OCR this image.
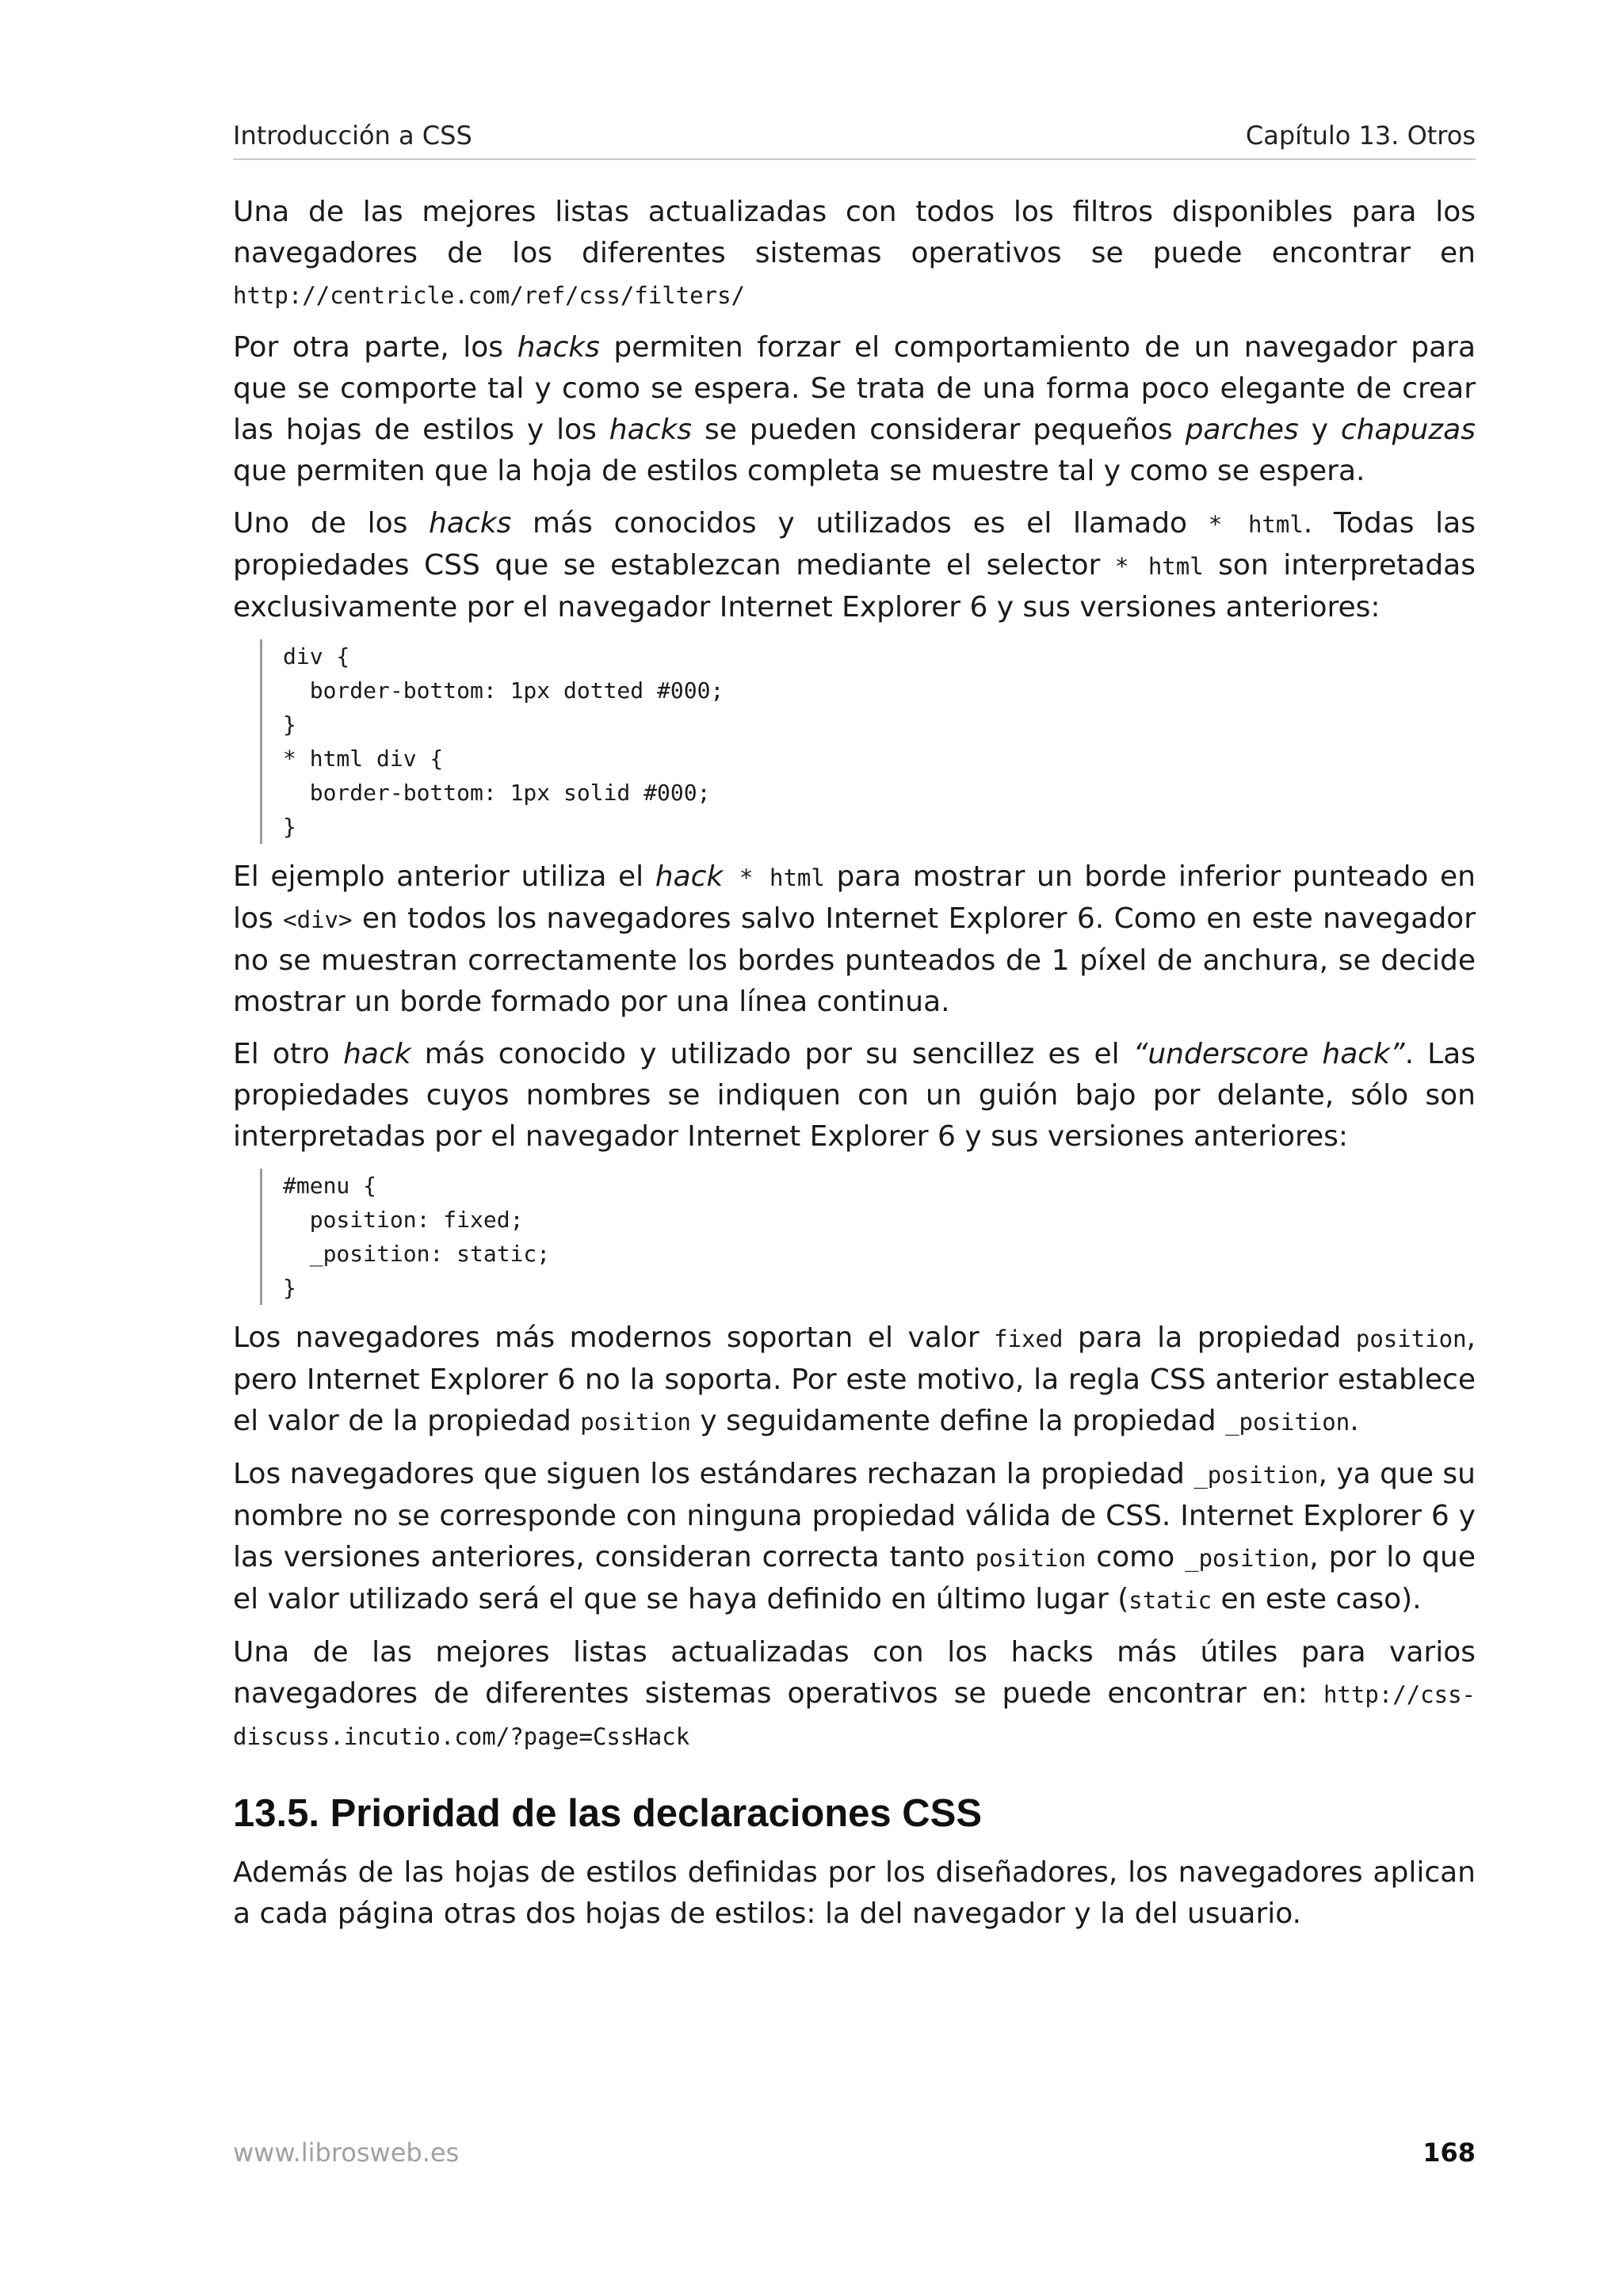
Introducción a CSS	Capítulo 13. Otros

Una de las mejores listas actualizadas con todos los filtros disponibles para los navegadores de los diferentes sistemas operativos se puede encontrar en http://centricle.com/ref/css/filters/

Por otra parte, los hacks permiten forzar el comportamiento de un navegador para que se comporte tal y como se espera. Se trata de una forma poco elegante de crear las hojas de estilos y los hacks se pueden considerar pequeños parches y chapuzas que permiten que la hoja de estilos completa se muestre tal y como se espera.

Uno de los hacks más conocidos y utilizados es el llamado * html. Todas las propiedades CSS que se establezcan mediante el selector * html son interpretadas exclusivamente por el navegador Internet Explorer 6 y sus versiones anteriores:

div {
border-bottom: 1px dotted #000;
}
* html div {
border-bottom: 1px solid #000;
}

El ejemplo anterior utiliza el hack * html para mostrar un borde inferior punteado en los <div> en todos los navegadores salvo Internet Explorer 6. Como en este navegador no se muestran correctamente los bordes punteados de 1 píxel de anchura, se decide mostrar un borde formado por una línea continua.

El otro hack más conocido y utilizado por su sencillez es el “underscore hack”. Las propiedades cuyos nombres se indiquen con un guión bajo por delante, sólo son interpretadas por el navegador Internet Explorer 6 y sus versiones anteriores:

#menu {
position: fixed;
_position: static;
}

Los navegadores más modernos soportan el valor fixed para la propiedad position, pero Internet Explorer 6 no la soporta. Por este motivo, la regla CSS anterior establece el valor de la propiedad position y seguidamente define la propiedad _position.

Los navegadores que siguen los estándares rechazan la propiedad _position, ya que su nombre no se corresponde con ninguna propiedad válida de CSS. Internet Explorer 6 y las versiones anteriores, consideran correcta tanto position como _position, por lo que el valor utilizado será el que se haya definido en último lugar (static en este caso).

Una de las mejores listas actualizadas con los hacks más útiles para varios navegadores de diferentes sistemas operativos se puede encontrar en: http://css-discuss.incutio.com/?page=CssHack

13.5. Prioridad de las declaraciones CSS

Además de las hojas de estilos definidas por los diseñadores, los navegadores aplican a cada página otras dos hojas de estilos: la del navegador y la del usuario.

www.librosweb.es	168
